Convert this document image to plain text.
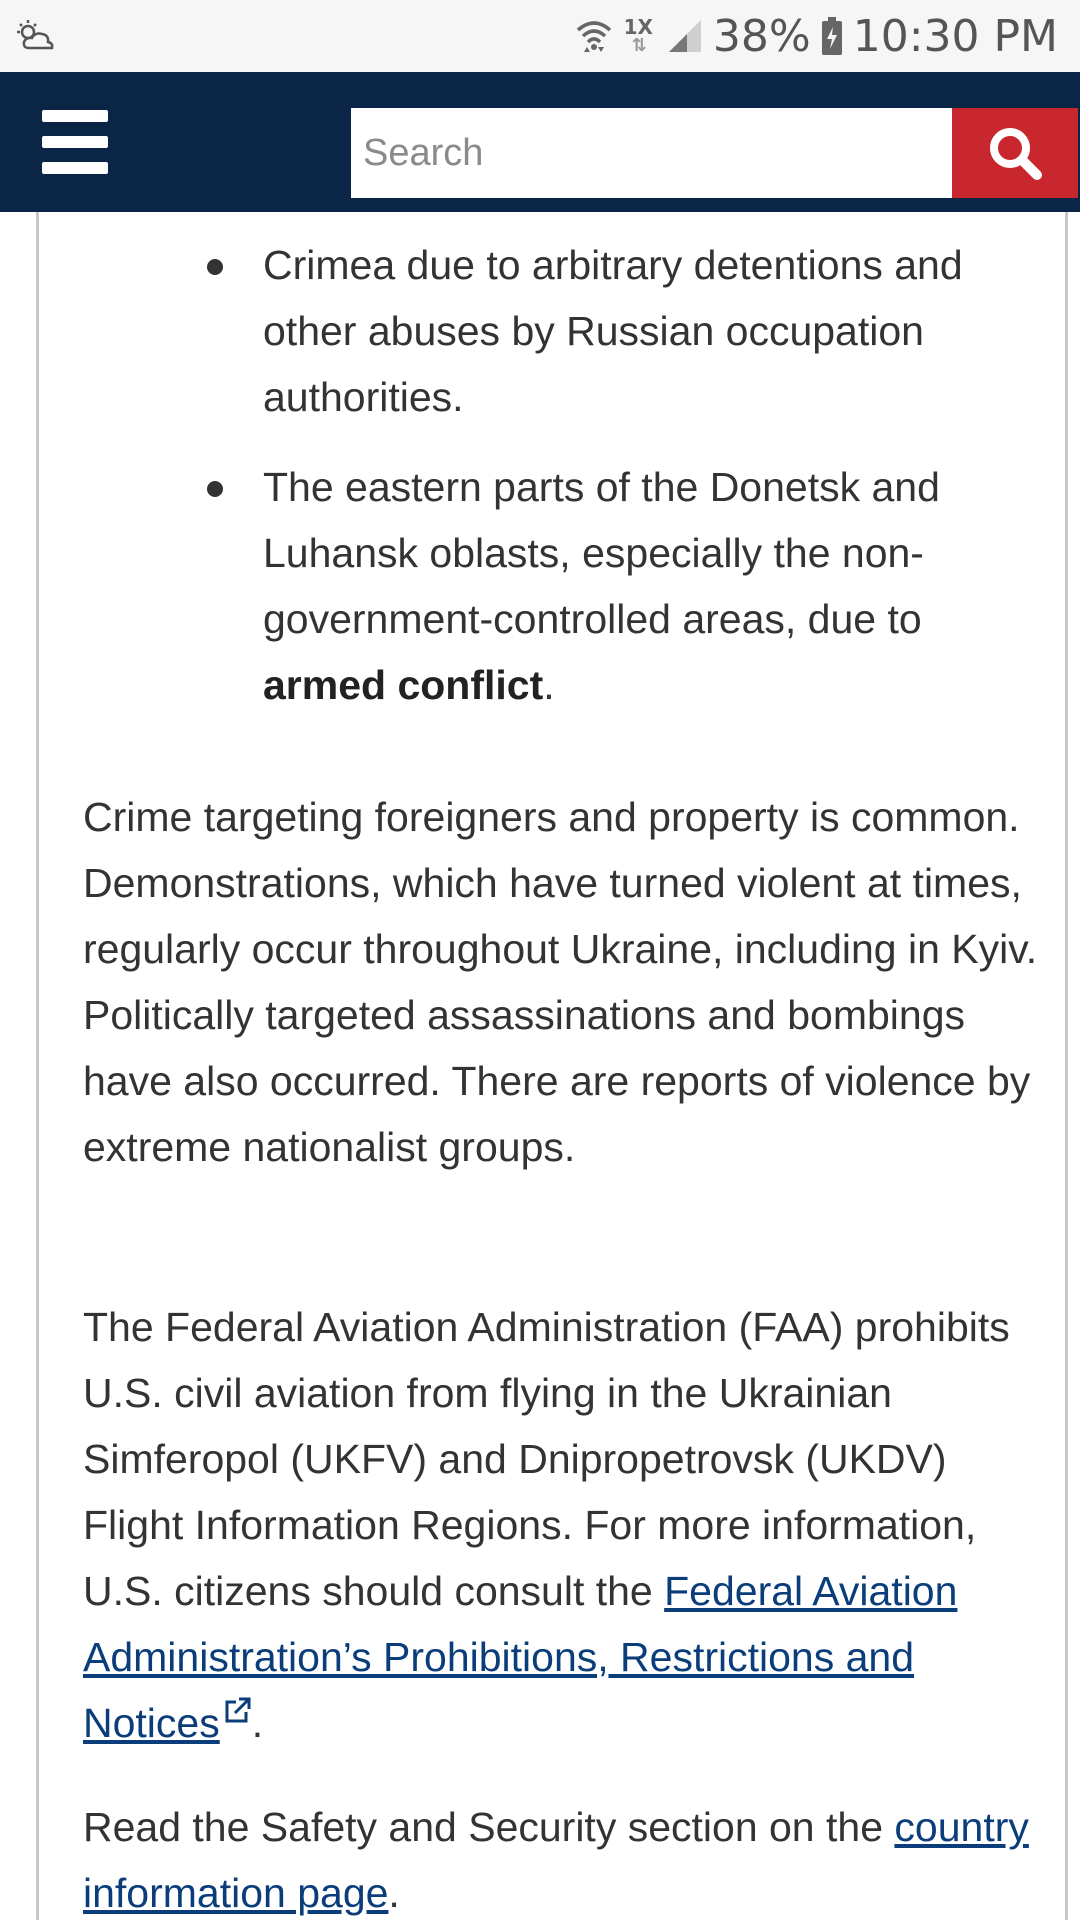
1X
⇅ 38% 10:30 PM
Search
Crimea due to arbitrary detentions and other abuses by Russian occupation authorities.
The eastern parts of the Donetsk and Luhansk oblasts, especially the non-government-controlled areas, due to armed conflict.

Crime targeting foreigners and property is common. Demonstrations, which have turned violent at times, regularly occur throughout Ukraine, including in Kyiv. Politically targeted assassinations and bombings have also occurred. There are reports of violence by extreme nationalist groups.

The Federal Aviation Administration (FAA) prohibits U.S. civil aviation from flying in the Ukrainian Simferopol (UKFV) and Dnipropetrovsk (UKDV) Flight Information Regions. For more information, U.S. citizens should consult the Federal Aviation Administration’s Prohibitions, Restrictions and Notices .

Read the Safety and Security section on the country information page.
